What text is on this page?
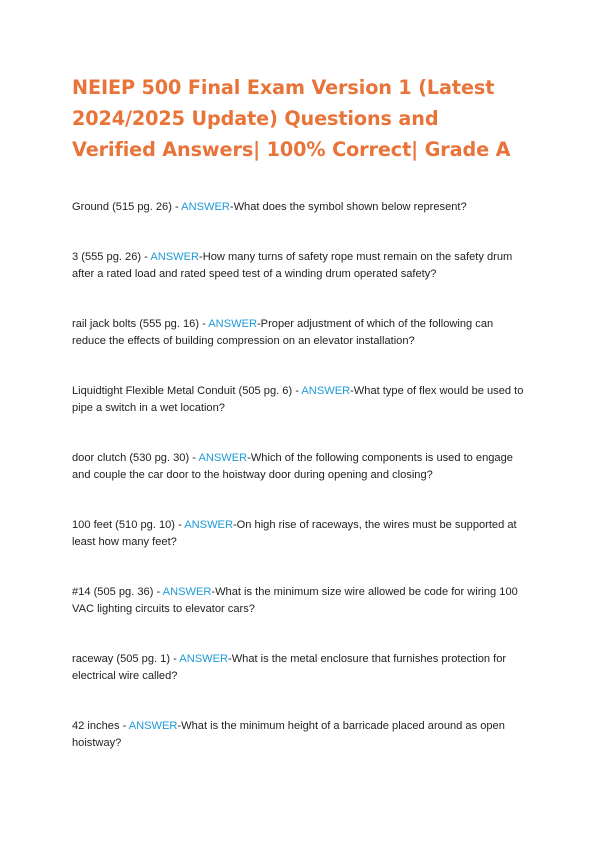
NEIEP 500 Final Exam Version 1 (Latest 2024/2025 Update) Questions and Verified Answers| 100% Correct| Grade A

Ground (515 pg. 26) - ANSWER-What does the symbol shown below represent?

3 (555 pg. 26) - ANSWER-How many turns of safety rope must remain on the safety drum after a rated load and rated speed test of a winding drum operated safety?

rail jack bolts (555 pg. 16) - ANSWER-Proper adjustment of which of the following can reduce the effects of building compression on an elevator installation?

Liquidtight Flexible Metal Conduit (505 pg. 6) - ANSWER-What type of flex would be used to pipe a switch in a wet location?

door clutch (530 pg. 30) - ANSWER-Which of the following components is used to engage and couple the car door to the hoistway door during opening and closing?

100 feet (510 pg. 10) - ANSWER-On high rise of raceways, the wires must be supported at least how many feet?

#14 (505 pg. 36) - ANSWER-What is the minimum size wire allowed be code for wiring 100 VAC lighting circuits to elevator cars?

raceway (505 pg. 1) - ANSWER-What is the metal enclosure that furnishes protection for electrical wire called?

42 inches - ANSWER-What is the minimum height of a barricade placed around as open hoistway?
